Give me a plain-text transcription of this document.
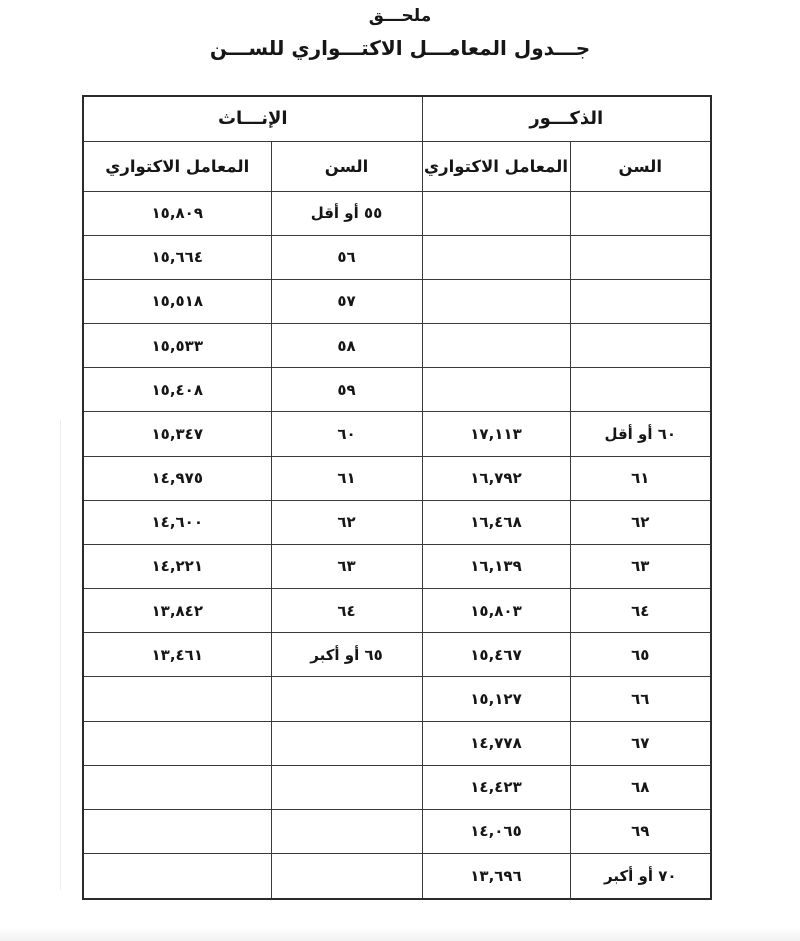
ملحـــق
جـــدول المعامـــل الاكتـــواري للســـن
الذكـــور		الإنـــاث	
السن	المعامل الاكتواري	السن	المعامل الاكتواري
		٥٥ أو أقل	١٥,٨٠٩
		٥٦	١٥,٦٦٤
		٥٧	١٥,٥١٨
		٥٨	١٥,٥٣٣
		٥٩	١٥,٤٠٨
٦٠ أو أقل	١٧,١١٣	٦٠	١٥,٣٤٧
٦١	١٦,٧٩٢	٦١	١٤,٩٧٥
٦٢	١٦,٤٦٨	٦٢	١٤,٦٠٠
٦٣	١٦,١٣٩	٦٣	١٤,٢٢١
٦٤	١٥,٨٠٣	٦٤	١٣,٨٤٢
٦٥	١٥,٤٦٧	٦٥ أو أكبر	١٣,٤٦١
٦٦	١٥,١٢٧		
٦٧	١٤,٧٧٨		
٦٨	١٤,٤٢٣		
٦٩	١٤,٠٦٥		
٧٠ أو أكبر	١٣,٦٩٦		
